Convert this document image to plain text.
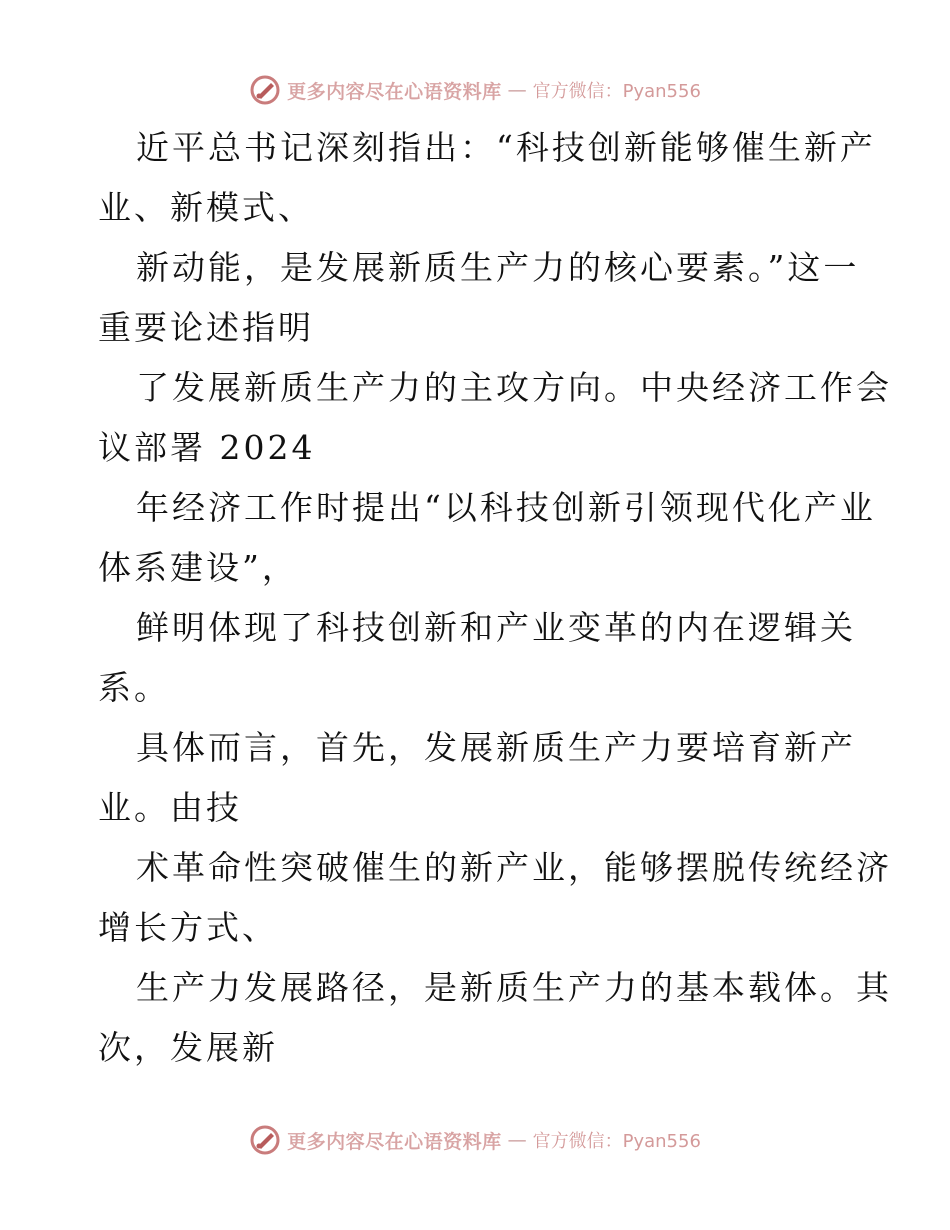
更多内容尽在心语资料库 — 官方微信：Pyan556
近平总书记深刻指出：“科技创新能够催生新产
业、新模式、
新动能，是发展新质生产力的核心要素。”这一
重要论述指明
了发展新质生产力的主攻方向。中央经济工作会
议部署 2024
年经济工作时提出“以科技创新引领现代化产业
体系建设”，
鲜明体现了科技创新和产业变革的内在逻辑关
系。
具体而言，首先，发展新质生产力要培育新产
业。由技
术革命性突破催生的新产业，能够摆脱传统经济
增长方式、
生产力发展路径，是新质生产力的基本载体。其
次，发展新
更多内容尽在心语资料库 — 官方微信：Pyan556
